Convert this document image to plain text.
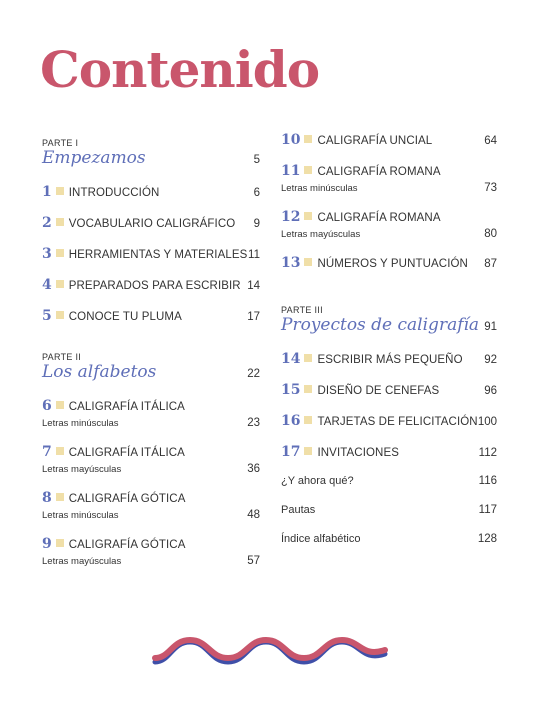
Contenido
PARTE I
Empezamos	5
1 INTRODUCCIÓN	6
2 VOCABULARIO CALIGRÁFICO 9
3 HERRAMIENTAS Y MATERIALES 11
4 PREPARADOS PARA ESCRIBIR 14
5 CONOCE TU PLUMA	17
PARTE II
Los alfabetos	22
6 CALIGRAFÍA ITÁLICA
Letras minúsculas	23
7 CALIGRAFÍA ITÁLICA
Letras mayúsculas	36
8 CALIGRAFÍA GÓTICA
Letras minúsculas	48
9 CALIGRAFÍA GÓTICA
Letras mayúsculas	57
10 CALIGRAFÍA UNCIAL	64
11 CALIGRAFÍA ROMANA
Letras minúsculas	73
12 CALIGRAFÍA ROMANA
Letras mayúsculas	80
13 NÚMEROS Y PUNTUACIÓN 87
PARTE III
Proyectos de caligrafía 91
14 ESCRIBIR MÁS PEQUEÑO 92
15 DISEÑO DE CENEFAS	96
16 TARJETAS DE FELICITACIÓN 100
17 INVITACIONES	112
¿Y ahora qué?	116
Pautas	117
Índice alfabético	128
